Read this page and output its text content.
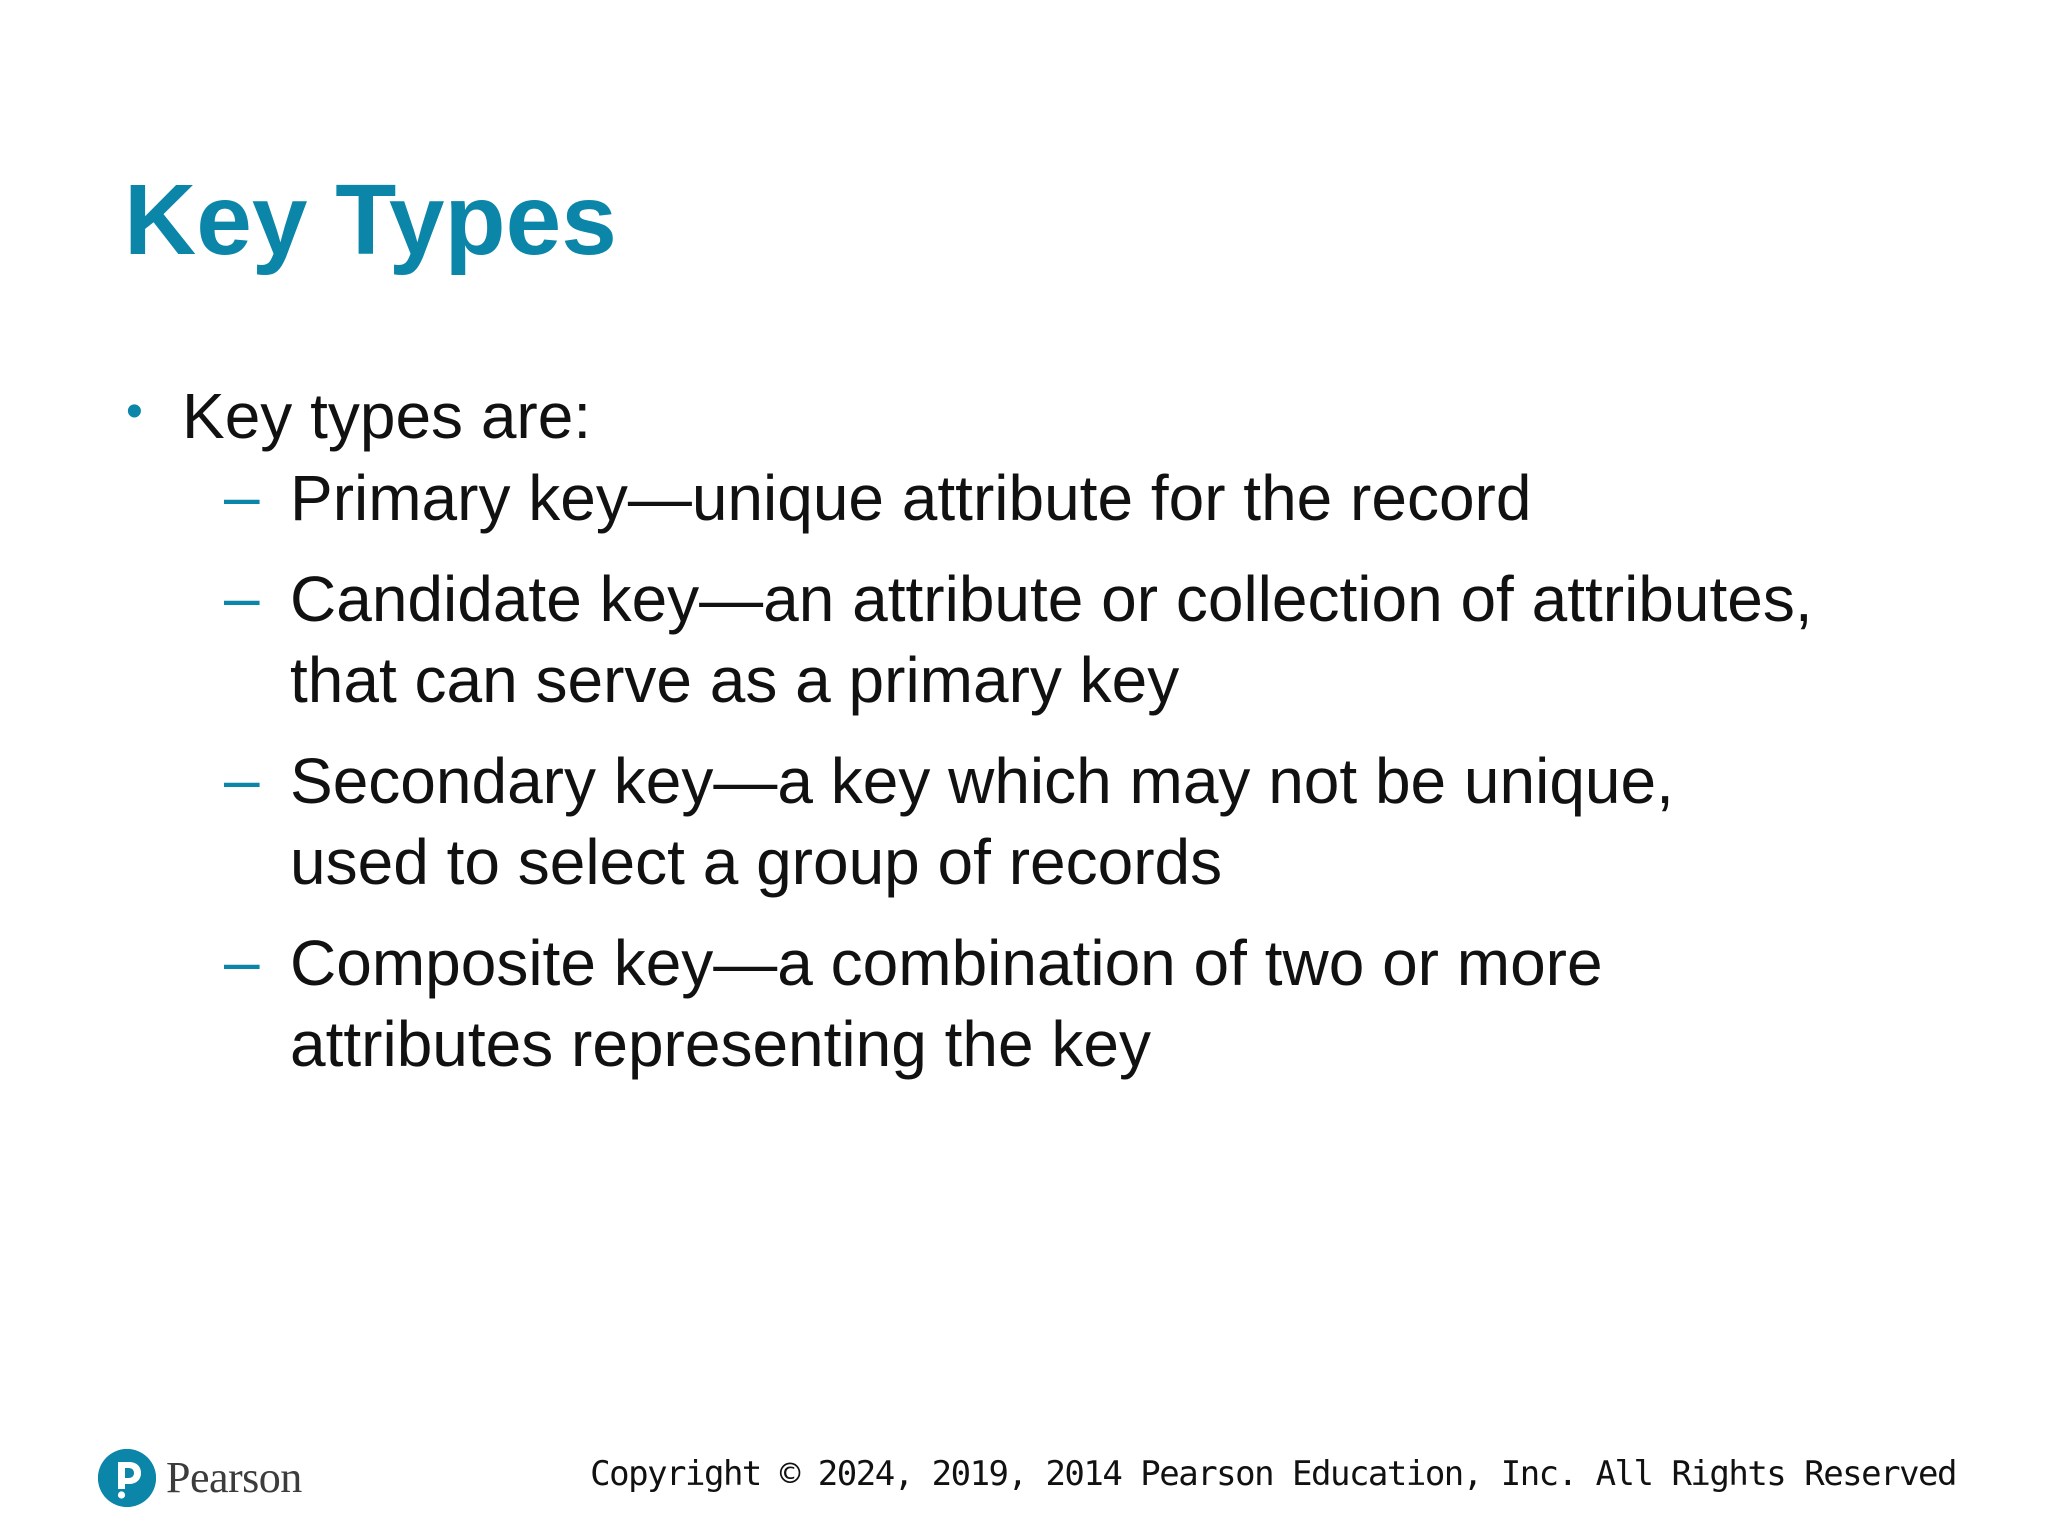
Key Types
• Key types are:
– Primary key—unique attribute for the record
– Candidate key—an attribute or collection of attributes,
that can serve as a primary key
– Secondary key—a key which may not be unique,
used to select a group of records
– Composite key—a combination of two or more
attributes representing the key
Pearson	Copyright © 2024, 2019, 2014 Pearson Education, Inc. All Rights Reserved
